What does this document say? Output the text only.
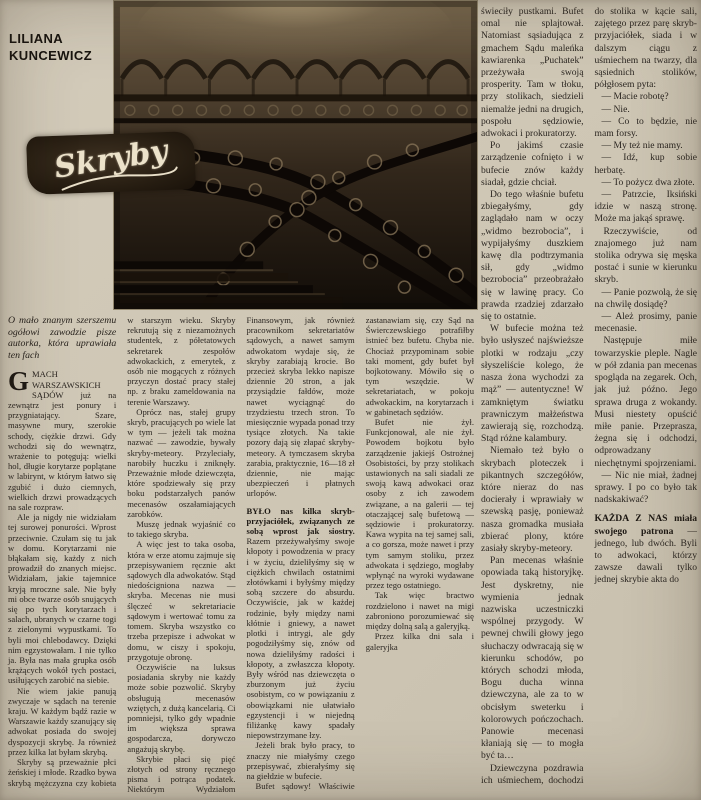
LILIANA
KUNCEWICZ
Skryby

O mało znanym szerszemu ogółowi zawodzie pisze autorka, która uprawiała ten fach

GMACH WARSZAWSKICH SĄDÓW już na zewnątrz jest ponury i przygniatający. Szare, masywne mury, szerokie schody, ciężkie drzwi. Gdy wchodzi się do wewnątrz, wrażenie to potęgują: wielki hol, długie korytarze poplątane w labirynt, w którym łatwo się zgubić i dużo ciemnych, wielkich drzwi prowadzących na sale rozpraw.

Ale ja nigdy nie widziałam tej surowej ponurości. Wprost przeciwnie. Czułam się tu jak w domu. Korytarzami nie błąkałam się, każdy z nich prowadził do znanych miejsc. Widziałam, jakie tajemnice kryją mroczne sale. Nie były mi obce twarze osób snujących się po tych korytarzach i salach, ubranych w czarne togi z zielonymi wypustkami. To byli moi chlebodawcy. Dzięki nim egzystowałam. I nie tylko ja. Była nas mała grupka osób krążących wokół tych postaci, usiłujących zarobić na siebie.

Nie wiem jakie panują zwyczaje w sądach na terenie kraju. W każdym bądź razie w Warszawie każdy szanujący się adwokat posiada do swojej dyspozycji skrybę. Ja również przez kilka lat byłam skrybą.

Skryby są przeważnie płci żeńskiej i młode. Rzadko bywa skrybą mężczyzna czy kobieta w starszym wieku. Skryby rekrutują się z niezamożnych studentek, z półetatowych sekretarek zespołów adwokackich, z emerytek, z osób nie mogących z różnych przyczyn dostać pracy stałej np. z braku zameldowania na terenie Warszawy.

Oprócz nas, stałej grupy skryb, pracujących po wiele lat w tym — jeżeli tak można nazwać — zawodzie, bywały skryby-meteory. Przyleciały, narobiły huczku i zniknęły. Przeważnie młode dziewczęta, które spodziewały się przy boku podstarzałych panów mecenasów oszałamiających zarobków.

Muszę jednak wyjaśnić co to takiego skryba.

A więc jest to taka osoba, która w erze atomu zajmuje się przepisywaniem ręcznie akt sądowych dla adwokatów. Stąd niedościgniona nazwa — skryba. Mecenas nie musi ślęczeć w sekretariacie sądowym i wertować tomu za tomem. Skryba wszystko co trzeba przepisze i adwokat w domu, w ciszy i spokoju, przygotuje obronę.

Oczywiście na luksus posiadania skryby nie każdy może sobie pozwolić. Skryby obsługują mecenasów wziętych, z dużą kancelarią. Ci pomniejsi, tylko gdy wpadnie im większa sprawa gospodarcza, dorywczo angażują skrybę.

Skrybie płaci się pięć złotych od strony ręcznego pisma i potrąca podatek. Niektórym Wydziałom Finansowym, jak również pracownikom sekretariatów sądowych, a nawet samym adwokatom wydaje się, że skryby zarabiają krocie. Bo przecież skryba lekko napisze dziennie 20 stron, a jak przysiądzie fałdów, może nawet wyciągnąć do trzydziestu trzech stron. To miesięcznie wypada ponad trzy tysiące złotych. Na takie pozory dają się złapać skryby-meteory. A tymczasem skryba zarabia, praktycznie, 16—18 zł dziennie, nie mając ubezpieczeń i płatnych urlopów.

BYŁO nas kilka skryb-przyjaciółek, związanych ze sobą wprost jak siostry. Razem przeżywałyśmy swoje kłopoty i powodzenia w pracy i w życiu, dzieliłyśmy się w ciężkich chwilach ostatnimi złotówkami i byłyśmy między sobą szczere do absurdu. Oczywiście, jak w każdej rodzinie, były między nami kłótnie i gniewy, a nawet plotki i intrygi, ale gdy pogodziłyśmy się, znów od nowa dzieliłyśmy radości i kłopoty, a zwłaszcza kłopoty. Były wśród nas dziewczęta o zburzonym już życiu osobistym, co w powiązaniu z obowiązkami nie ułatwiało egzystencji i w niejedną filiżankę kawy spadały niepowstrzymane łzy.

Jeżeli brak było pracy, to znaczy nie miałyśmy czego przepisywać, zbierałyśmy się na giełdzie w bufecie.

Bufet sądowy! Właściwie zastanawiam się, czy Sąd na Świerczewskiego potrafiłby istnieć bez bufetu. Chyba nie. Chociaż przypominam sobie taki moment, gdy bufet był bojkotowany. Mówiło się o tym wszędzie. W sekretariatach, w pokoju adwokackim, na korytarzach i w gabinetach sędziów.

Bufet nie żył. Funkcjonował, ale nie żył. Powodem bojkotu było zarządzenie jakiejś Ostrożnej Osobistości, by przy stolikach ustawionych na sali siadali ze swoją kawą adwokaci oraz osoby z ich zawodem związane, a na galerii — tej otaczającej salę bufetową — sędziowie i prokuratorzy. Kawa wypita na tej samej sali, a co gorsza, może nawet i przy tym samym stoliku, przez adwokata i sędziego, mogłaby wpłynąć na wyroki wydawane przez tego ostatniego.

Tak więc bractwo rozdzielono i nawet na migi zabroniono porozumiewać się między dolną salą a galeryjką.

Przez kilka dni sala i galeryjka

świeciły pustkami. Bufet omal nie splajtował. Natomiast sąsiadująca z gmachem Sądu maleńka kawiarenka „Puchatek” przeżywała swoją prosperity. Tam w tłoku, przy stolikach, siedzieli niemalże jedni na drugich, pospołu sędziowie, adwokaci i prokuratorzy.

Po jakimś czasie zarządzenie cofnięto i w bufecie znów każdy siadał, gdzie chciał.

Do tego właśnie bufetu zbiegałyśmy, gdy zaglądało nam w oczy „widmo bezrobocia”, i wypijałyśmy duszkiem kawę dla podtrzymania sił, gdy „widmo bezrobocia” przeobrażało się w lawinę pracy. Co prawda rzadziej zdarzało się to ostatnie.

W bufecie można też było usłyszeć najświeższe plotki w rodzaju „czy słyszeliście kolego, że nasza żona wychodzi za mąż” — autentyczne! W zamkniętym światku prawniczym małżeństwa zawierają się, rozchodzą. Stąd różne kalambury.

Niemało też było o skrybach ploteczek i pikantnych szczegółów, które nieraz do nas docierały i wprawiały w szewską pasję, ponieważ nasza gromadka musiała zbierać plony, które zasiały skryby-meteory.

Pan mecenas właśnie opowiada taką historyjkę. Jest dyskretny, nie wymienia jednak nazwiska uczestniczki wspólnej przygody. W pewnej chwili głowy jego słuchaczy odwracają się w kierunku schodów, po których schodzi młoda, Bogu ducha winna dziewczyna, ale za to w obcisłym sweterku i kolorowych pończochach. Panowie mecenasi kłaniają się — to mogła być ta…

Dziewczyna pozdrawia ich uśmiechem, dochodzi do stolika w kącie sali, zajętego przez parę skryb-przyjaciółek, siada i w dalszym ciągu z uśmiechem na twarzy, dla sąsiednich stolików, półgłosem pyta:

— Macie robotę?

— Nie.

— Co to będzie, nie mam forsy.

— My też nie mamy.

— Idź, kup sobie herbatę.

— To pożycz dwa złote.

— Patrzcie, Iksiński idzie w naszą stronę. Może ma jakąś sprawę.

Rzeczywiście, od znajomego już nam stolika odrywa się męska postać i sunie w kierunku skryb.

— Panie pozwolą, że się na chwilę dosiądę?

— Ależ prosimy, panie mecenasie.

Następuje miłe towarzyskie pleple. Nagle w pół zdania pan mecenas spogląda na zegarek. Och, jak już późno. Jego sprawa druga z wokandy. Musi niestety opuścić miłe panie. Przeprasza, żegna się i odchodzi, odprowadzany niechętnymi spojrzeniami.

— Nic nie miał, żadnej sprawy. I po co było tak nadskakiwać?

KAŻDA Z NAS miała swojego patrona — jednego, lub dwóch. Byli to adwokaci, którzy zawsze dawali tylko jednej skrybie akta do
